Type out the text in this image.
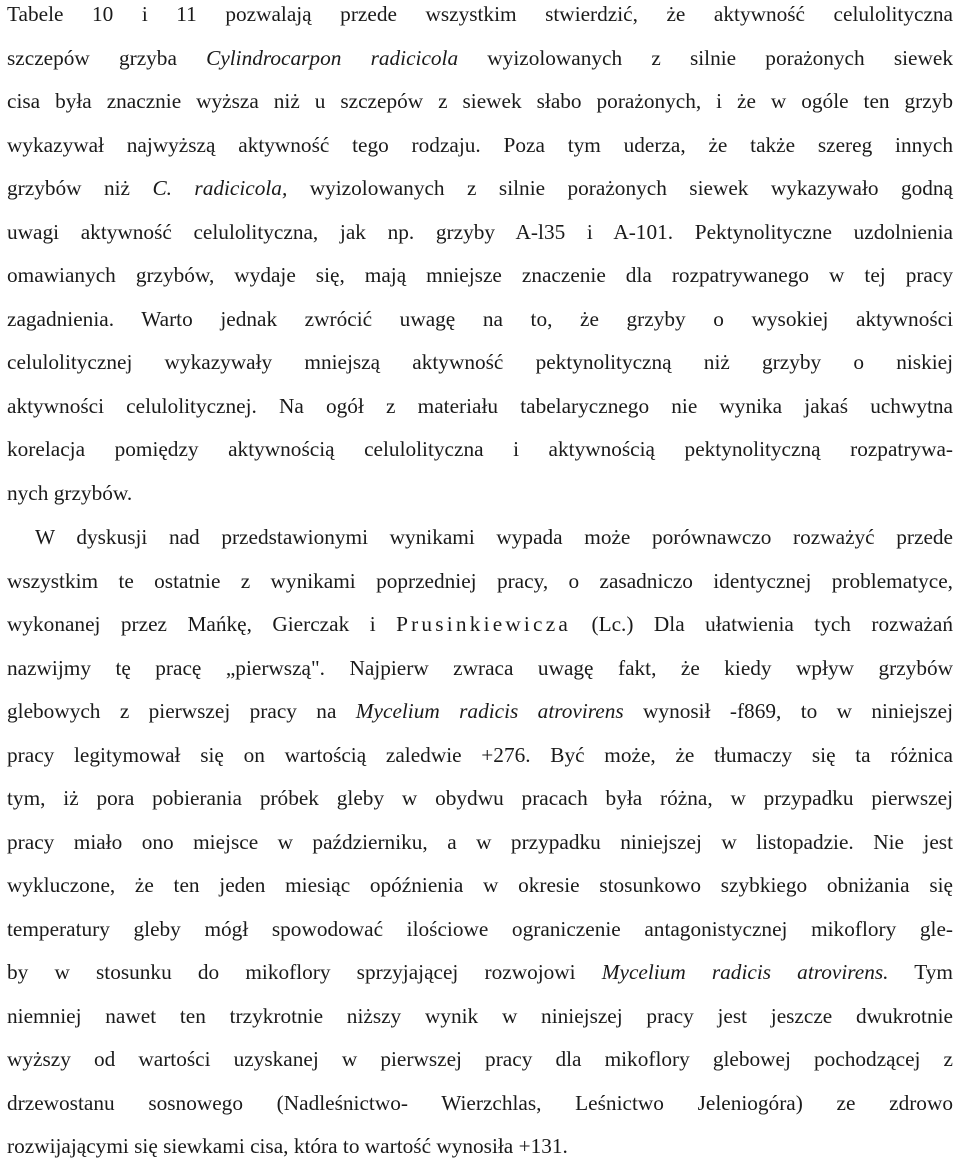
Tabele 10 i 11 pozwalają przede wszystkim stwierdzić, że aktywność celulolityczna
szczepów grzyba Cylindrocarpon radicicola wyizolowanych z silnie porażonych siewek
cisa była znacznie wyższa niż u szczepów z siewek słabo porażonych, i że w ogóle ten grzyb
wykazywał najwyższą aktywność tego rodzaju. Poza tym uderza, że także szereg innych
grzybów niż C. radicicola, wyizolowanych z silnie porażonych siewek wykazywało godną
uwagi aktywność celulolityczna, jak np. grzyby A-l35 i A-101. Pektynolityczne uzdolnienia
omawianych grzybów, wydaje się, mają mniejsze znaczenie dla rozpatrywanego w tej pracy
zagadnienia. Warto jednak zwrócić uwagę na to, że grzyby o wysokiej aktywności
celulolitycznej wykazywały mniejszą aktywność pektynolityczną niż grzyby o niskiej
aktywności celulolitycznej. Na ogół z materiału tabelarycznego nie wynika jakaś uchwytna
korelacja pomiędzy aktywnością celulolityczna i aktywnością pektynolityczną rozpatrywa-
nych grzybów.
W dyskusji nad przedstawionymi wynikami wypada może porównawczo rozważyć przede
wszystkim te ostatnie z wynikami poprzedniej pracy, o zasadniczo identycznej problematyce,
wykonanej przez Mańkę, Gierczak i Prusinkiewicza (Lc.) Dla ułatwienia tych rozważań
nazwijmy tę pracę „pierwszą". Najpierw zwraca uwagę fakt, że kiedy wpływ grzybów
glebowych z pierwszej pracy na Mycelium radicis atrovirens wynosił -f869, to w niniejszej
pracy legitymował się on wartością zaledwie +276. Być może, że tłumaczy się ta różnica
tym, iż pora pobierania próbek gleby w obydwu pracach była różna, w przypadku pierwszej
pracy miało ono miejsce w październiku, a w przypadku niniejszej w listopadzie. Nie jest
wykluczone, że ten jeden miesiąc opóźnienia w okresie stosunkowo szybkiego obniżania się
temperatury gleby mógł spowodować ilościowe ograniczenie antagonistycznej mikoflory gle-
by w stosunku do mikoflory sprzyjającej rozwojowi Mycelium radicis atrovirens. Tym
niemniej nawet ten trzykrotnie niższy wynik w niniejszej pracy jest jeszcze dwukrotnie
wyższy od wartości uzyskanej w pierwszej pracy dla mikoflory glebowej pochodzącej z
drzewostanu sosnowego (Nadleśnictwo- Wierzchlas, Leśnictwo Jeleniogóra) ze zdrowo
rozwijającymi się siewkami cisa, która to wartość wynosiła +131.
